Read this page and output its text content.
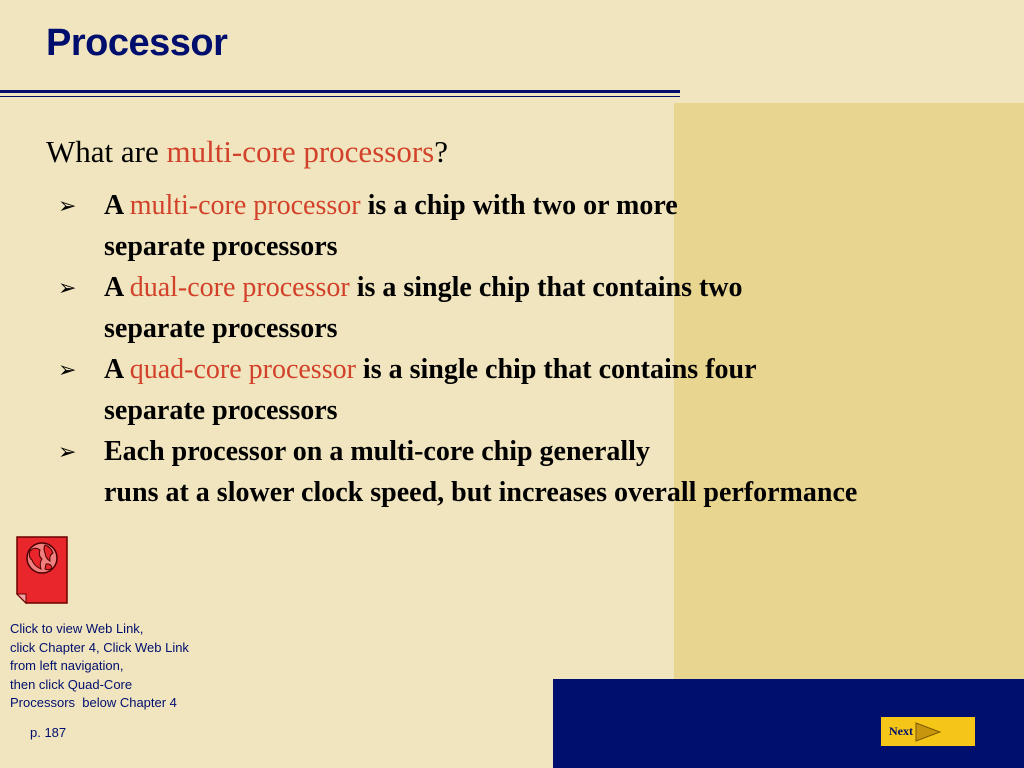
Processor
What are multi-core processors?
➢ A multi-core processor is a chip with two or more
separate processors
➢ A dual-core processor is a single chip that contains two
separate processors
➢ A quad-core processor is a single chip that contains four
separate processors
➢ Each processor on a multi-core chip generally
runs at a slower clock speed, but increases overall performance
Click to view Web Link,
click Chapter 4, Click Web Link
from left navigation,
then click Quad-Core
Processors  below Chapter 4
p. 187	Next
